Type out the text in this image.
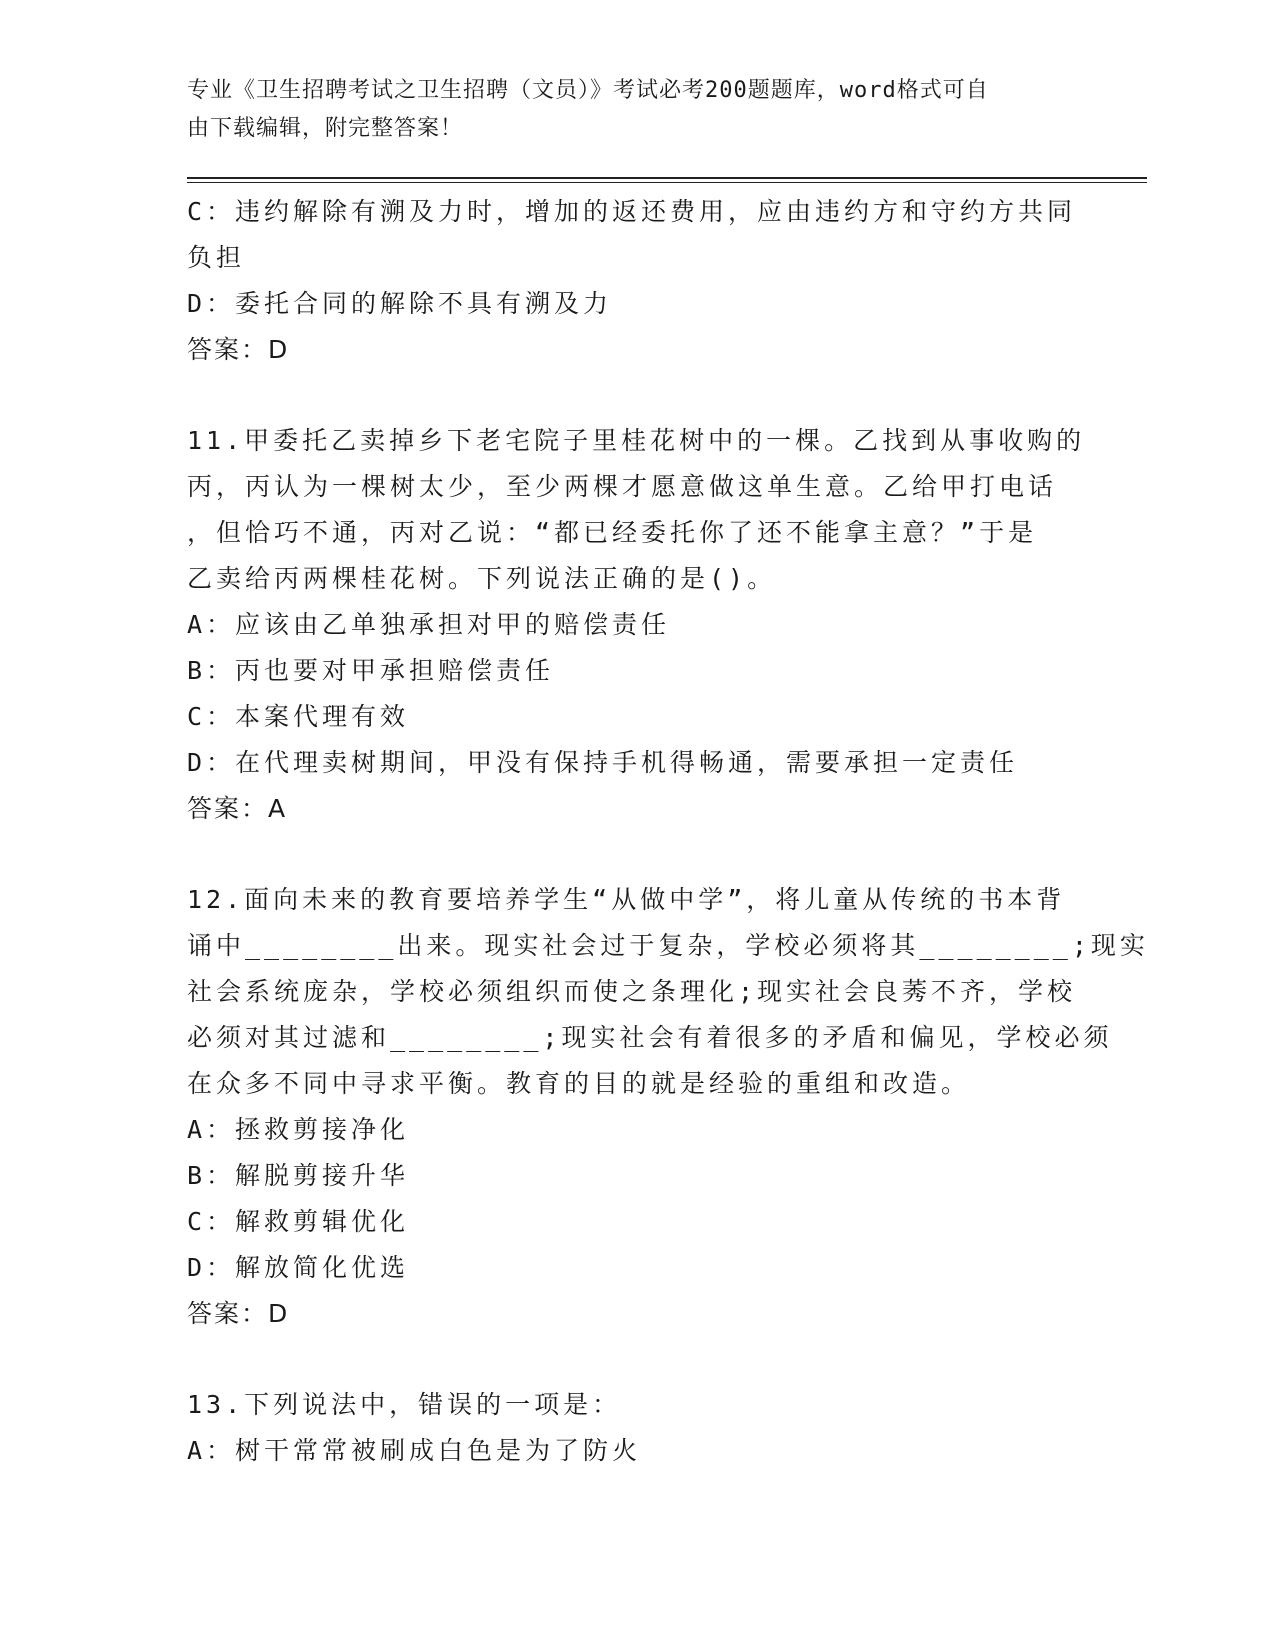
专业《卫生招聘考试之卫生招聘（文员）》考试必考200题题库，word格式可自
由下载编辑，附完整答案！
C：违约解除有溯及力时，增加的返还费用，应由违约方和守约方共同
负担
D：委托合同的解除不具有溯及力
答案：D
11.甲委托乙卖掉乡下老宅院子里桂花树中的一棵。乙找到从事收购的
丙，丙认为一棵树太少，至少两棵才愿意做这单生意。乙给甲打电话
，但恰巧不通，丙对乙说：“都已经委托你了还不能拿主意？”于是
乙卖给丙两棵桂花树。下列说法正确的是()。
A：应该由乙单独承担对甲的赔偿责任
B：丙也要对甲承担赔偿责任
C：本案代理有效
D：在代理卖树期间，甲没有保持手机得畅通，需要承担一定责任
答案：A
12.面向未来的教育要培养学生“从做中学”，将儿童从传统的书本背
诵中________出来。现实社会过于复杂，学校必须将其________;现实
社会系统庞杂，学校必须组织而使之条理化;现实社会良莠不齐，学校
必须对其过滤和________;现实社会有着很多的矛盾和偏见，学校必须
在众多不同中寻求平衡。教育的目的就是经验的重组和改造。
A：拯救剪接净化
B：解脱剪接升华
C：解救剪辑优化
D：解放简化优选
答案：D
13.下列说法中，错误的一项是：
A：树干常常被刷成白色是为了防火
